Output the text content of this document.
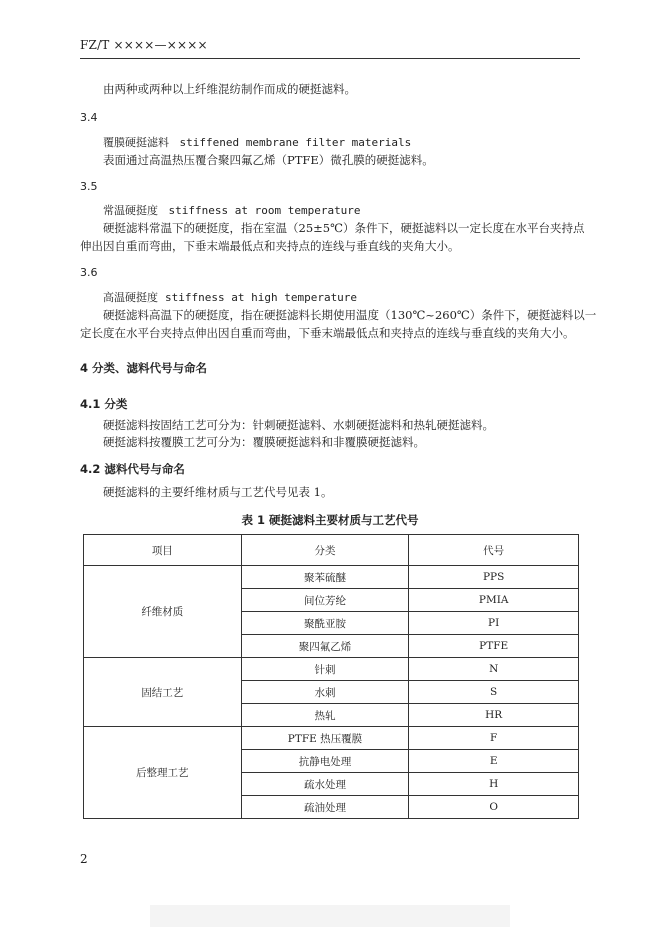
FZ/T ××××—××××
由两种或两种以上纤维混纺制作而成的硬挺滤料。
3.4
覆膜硬挺滤料 stiffened membrane filter materials
表面通过高温热压覆合聚四氟乙烯（PTFE）微孔膜的硬挺滤料。
3.5
常温硬挺度 stiffness at room temperature
硬挺滤料常温下的硬挺度，指在室温（25±5℃）条件下，硬挺滤料以一定长度在水平台夹持点
伸出因自重而弯曲，下垂末端最低点和夹持点的连线与垂直线的夹角大小。
3.6
高温硬挺度 stiffness at high temperature
硬挺滤料高温下的硬挺度，指在硬挺滤料长期使用温度（130℃~260℃）条件下，硬挺滤料以一
定长度在水平台夹持点伸出因自重而弯曲，下垂末端最低点和夹持点的连线与垂直线的夹角大小。
4 分类、滤料代号与命名
4.1 分类
硬挺滤料按固结工艺可分为：针刺硬挺滤料、水刺硬挺滤料和热轧硬挺滤料。
硬挺滤料按覆膜工艺可分为：覆膜硬挺滤料和非覆膜硬挺滤料。
4.2 滤料代号与命名
硬挺滤料的主要纤维材质与工艺代号见表 1。
表 1 硬挺滤料主要材质与工艺代号
项目	分类	代号
纤维材质	聚苯硫醚	PPS
	间位芳纶	PMIA
	聚酰亚胺	PI
	聚四氟乙烯	PTFE
固结工艺	针刺	N
	水刺	S
	热轧	HR
后整理工艺	PTFE 热压覆膜	F
	抗静电处理	E
	疏水处理	H
	疏油处理	O
2
